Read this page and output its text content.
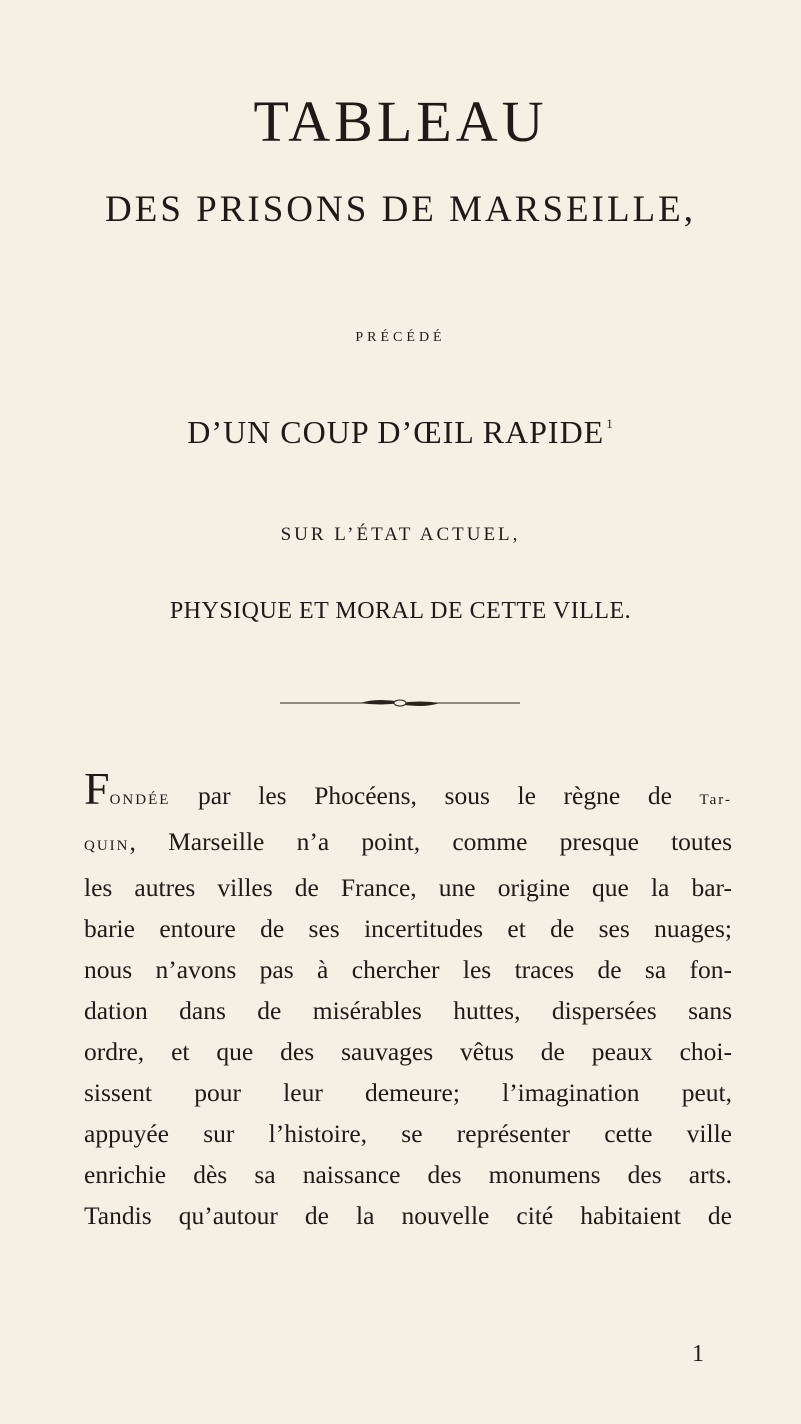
TABLEAU
DES PRISONS DE MARSEILLE,
PRÉCÉDÉ
D’UN COUP D’ŒIL RAPIDE $^1$
SUR L’ÉTAT ACTUEL,
PHYSIQUE ET MORAL DE CETTE VILLE.
FONDÉE par les Phocéens, sous le règne de Tar-
QUIN, Marseille n’a point, comme presque toutes
les autres villes de France, une origine que la bar-
barie entoure de ses incertitudes et de ses nuages;
nous n’avons pas à chercher les traces de sa fon-
dation dans de misérables huttes, dispersées sans
ordre, et que des sauvages vêtus de peaux choi-
sissent pour leur demeure; l’imagination peut,
appuyée sur l’histoire, se représenter cette ville
enrichie dès sa naissance des monumens des arts.
Tandis qu’autour de la nouvelle cité habitaient de
1
